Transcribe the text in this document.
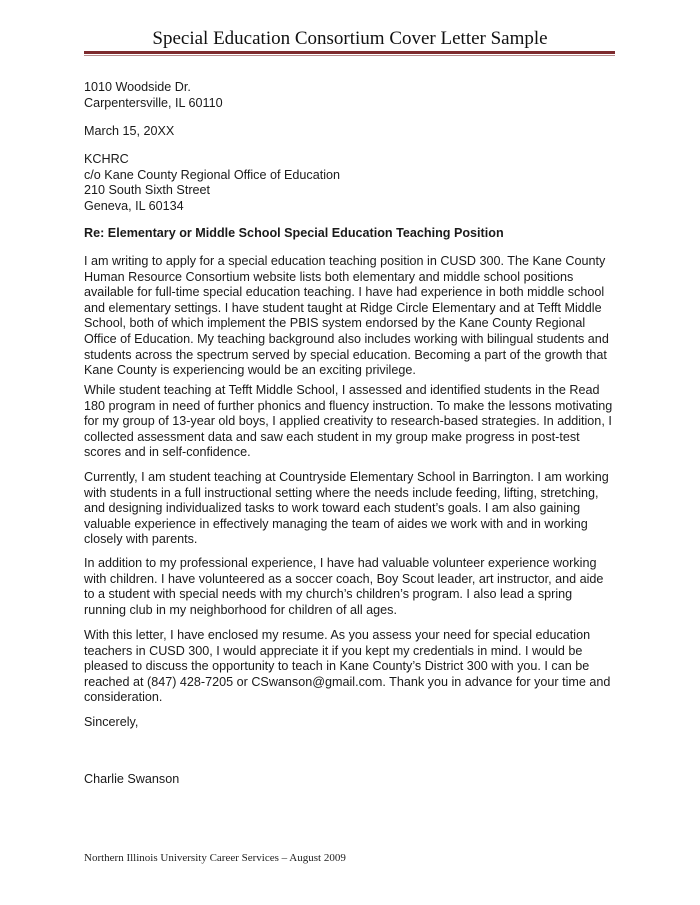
Special Education Consortium Cover Letter Sample
1010 Woodside Dr.
Carpentersville, IL 60110
March 15, 20XX
KCHRC
c/o Kane County Regional Office of Education
210 South Sixth Street
Geneva, IL 60134
Re: Elementary or Middle School Special Education Teaching Position
I am writing to apply for a special education teaching position in CUSD 300. The Kane County
Human Resource Consortium website lists both elementary and middle school positions
available for full-time special education teaching. I have had experience in both middle school
and elementary settings. I have student taught at Ridge Circle Elementary and at Tefft Middle
School, both of which implement the PBIS system endorsed by the Kane County Regional
Office of Education. My teaching background also includes working with bilingual students and
students across the spectrum served by special education. Becoming a part of the growth that
Kane County is experiencing would be an exciting privilege.
While student teaching at Tefft Middle School, I assessed and identified students in the Read
180 program in need of further phonics and fluency instruction. To make the lessons motivating
for my group of 13-year old boys, I applied creativity to research-based strategies. In addition, I
collected assessment data and saw each student in my group make progress in post-test
scores and in self-confidence.
Currently, I am student teaching at Countryside Elementary School in Barrington. I am working
with students in a full instructional setting where the needs include feeding, lifting, stretching,
and designing individualized tasks to work toward each student’s goals. I am also gaining
valuable experience in effectively managing the team of aides we work with and in working
closely with parents.
In addition to my professional experience, I have had valuable volunteer experience working
with children. I have volunteered as a soccer coach, Boy Scout leader, art instructor, and aide
to a student with special needs with my church’s children’s program. I also lead a spring
running club in my neighborhood for children of all ages.
With this letter, I have enclosed my resume. As you assess your need for special education
teachers in CUSD 300, I would appreciate it if you kept my credentials in mind. I would be
pleased to discuss the opportunity to teach in Kane County’s District 300 with you. I can be
reached at (847) 428-7205 or CSwanson@gmail.com. Thank you in advance for your time and
consideration.
Sincerely,
Charlie Swanson
Northern Illinois University Career Services – August 2009
